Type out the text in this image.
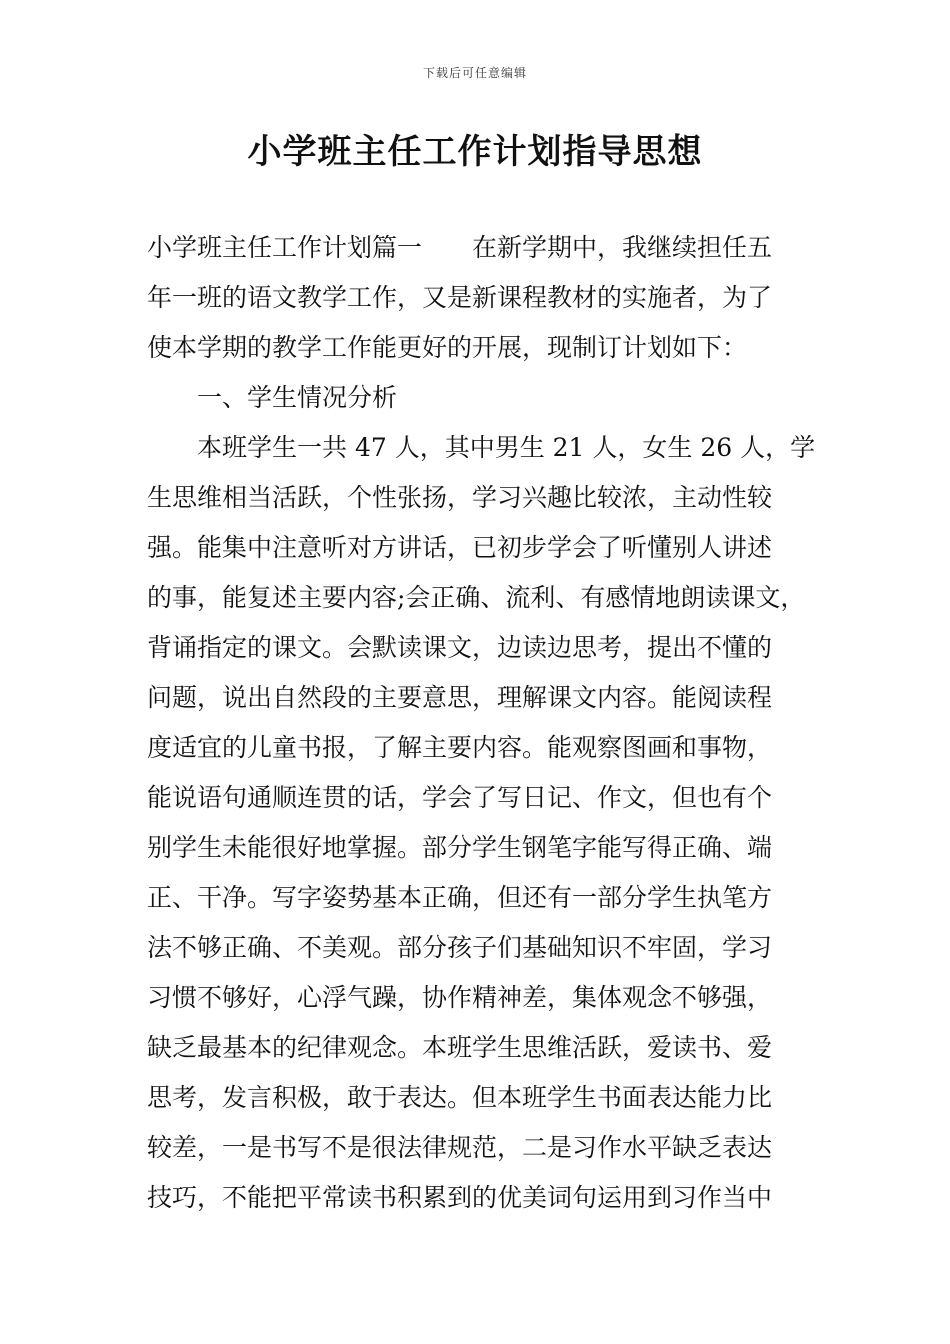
下载后可任意编辑
小学班主任工作计划指导思想
小学班主任工作计划篇一　　在新学期中，我继续担任五
年一班的语文教学工作，又是新课程教材的实施者，为了
使本学期的教学工作能更好的开展，现制订计划如下：
一、学生情况分析
本班学生一共 47 人，其中男生 21 人，女生 26 人，学
生思维相当活跃，个性张扬，学习兴趣比较浓，主动性较
强。能集中注意听对方讲话，已初步学会了听懂别人讲述
的事，能复述主要内容;会正确、流利、有感情地朗读课文，
背诵指定的课文。会默读课文，边读边思考，提出不懂的
问题，说出自然段的主要意思，理解课文内容。能阅读程
度适宜的儿童书报，了解主要内容。能观察图画和事物，
能说语句通顺连贯的话，学会了写日记、作文，但也有个
别学生未能很好地掌握。部分学生钢笔字能写得正确、端
正、干净。写字姿势基本正确，但还有一部分学生执笔方
法不够正确、不美观。部分孩子们基础知识不牢固，学习
习惯不够好，心浮气躁，协作精神差，集体观念不够强，
缺乏最基本的纪律观念。本班学生思维活跃，爱读书、爱
思考，发言积极，敢于表达。但本班学生书面表达能力比
较差，一是书写不是很法律规范，二是习作水平缺乏表达
技巧，不能把平常读书积累到的优美词句运用到习作当中
